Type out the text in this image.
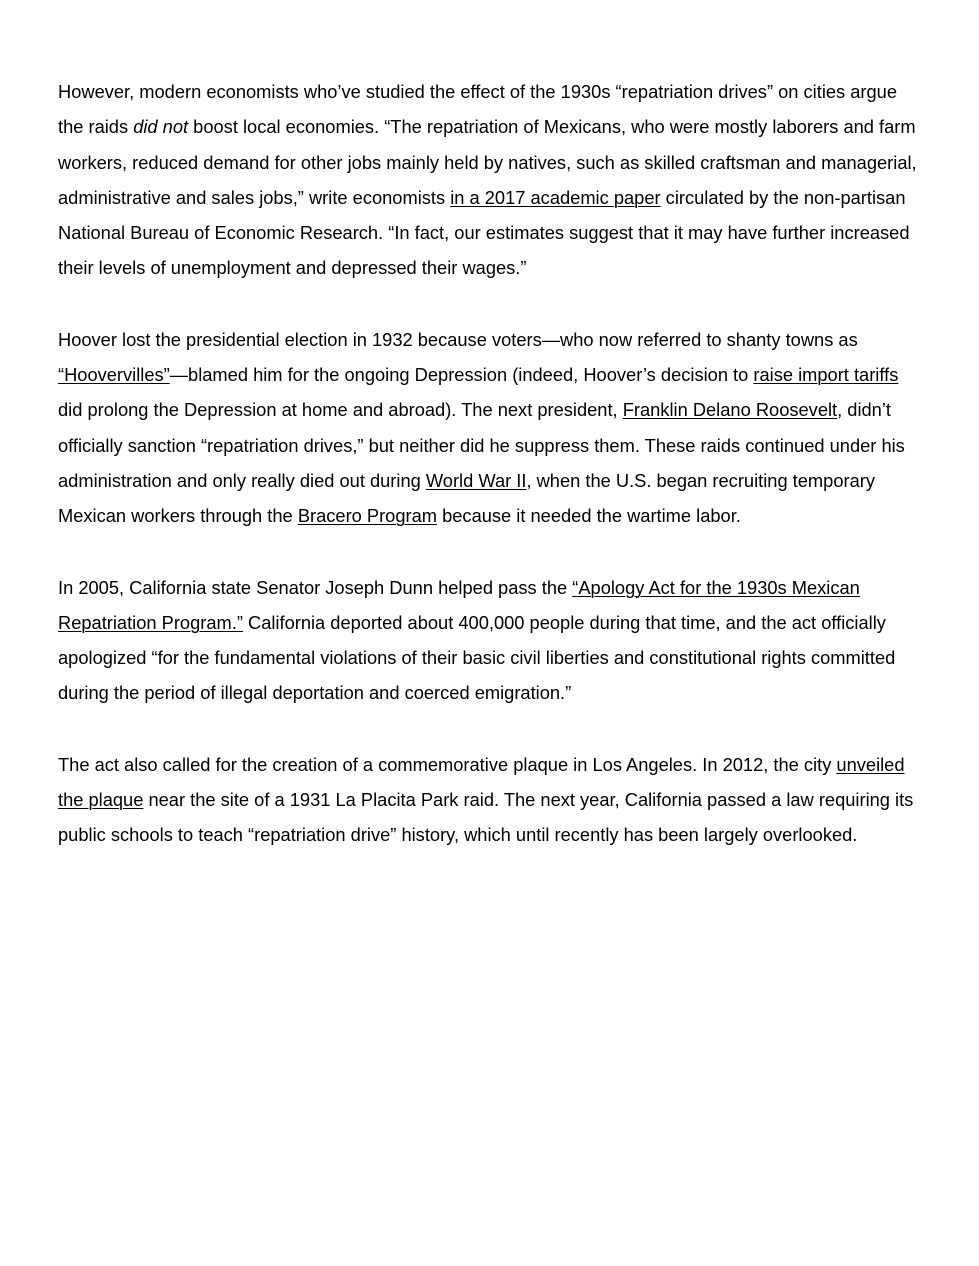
However, modern economists who’ve studied the effect of the 1930s “repatriation drives” on cities argue the raids did not boost local economies. “The repatriation of Mexicans, who were mostly laborers and farm workers, reduced demand for other jobs mainly held by natives, such as skilled craftsman and managerial, administrative and sales jobs,” write economists in a 2017 academic paper circulated by the non-partisan National Bureau of Economic Research. “In fact, our estimates suggest that it may have further increased their levels of unemployment and depressed their wages.”

Hoover lost the presidential election in 1932 because voters—who now referred to shanty towns as “Hoovervilles”—blamed him for the ongoing Depression (indeed, Hoover’s decision to raise import tariffs did prolong the Depression at home and abroad). The next president, Franklin Delano Roosevelt, didn’t officially sanction “repatriation drives,” but neither did he suppress them. These raids continued under his administration and only really died out during World War II, when the U.S. began recruiting temporary Mexican workers through the Bracero Program because it needed the wartime labor.

In 2005, California state Senator Joseph Dunn helped pass the “Apology Act for the 1930s Mexican Repatriation Program.” California deported about 400,000 people during that time, and the act officially apologized “for the fundamental violations of their basic civil liberties and constitutional rights committed during the period of illegal deportation and coerced emigration.”

The act also called for the creation of a commemorative plaque in Los Angeles. In 2012, the city unveiled the plaque near the site of a 1931 La Placita Park raid. The next year, California passed a law requiring its public schools to teach “repatriation drive” history, which until recently has been largely overlooked.
